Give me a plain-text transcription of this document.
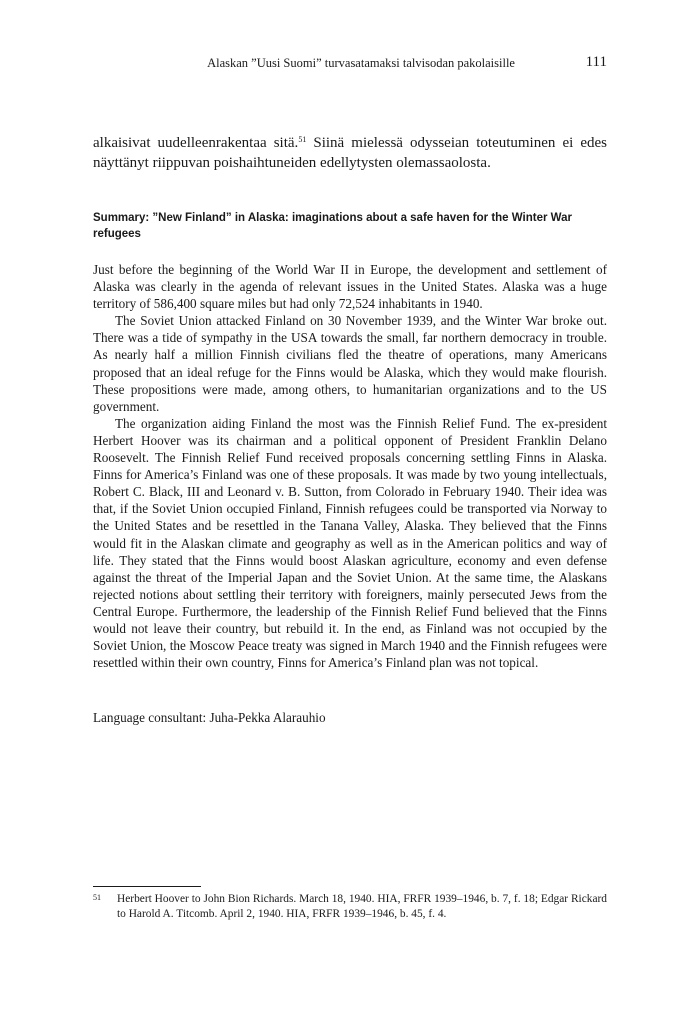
Alaskan ”Uusi Suomi” turvasatamaksi talvisodan pakolaisille	111

alkaisivat uudelleenrakentaa sitä.$^{51}$ Siinä mielessä odysseian toteutuminen ei edes näyttänyt riippuvan poishaihtuneiden edellytysten olemassaolosta.

Summary: ”New Finland” in Alaska: imaginations about a safe haven for the Winter War refugees

Just before the beginning of the World War II in Europe, the development and settlement of Alaska was clearly in the agenda of relevant issues in the United States. Alaska was a huge territory of 586,400 square miles but had only 72,524 inhabitants in 1940.

The Soviet Union attacked Finland on 30 November 1939, and the Winter War broke out. There was a tide of sympathy in the USA towards the small, far northern democracy in trouble. As nearly half a million Finnish civilians fled the theatre of operations, many Americans proposed that an ideal refuge for the Finns would be Alaska, which they would make flourish. These propositions were made, among others, to humanitarian organizations and to the US government.

The organization aiding Finland the most was the Finnish Relief Fund. The ex-president Herbert Hoover was its chairman and a political opponent of President Franklin Delano Roosevelt. The Finnish Relief Fund received proposals concerning settling Finns in Alaska. Finns for America’s Finland was one of these proposals. It was made by two young intellectuals, Robert C. Black, III and Leonard v. B. Sutton, from Colorado in February 1940. Their idea was that, if the Soviet Union occupied Finland, Finnish refugees could be transported via Norway to the United States and be resettled in the Tanana Valley, Alaska. They believed that the Finns would fit in the Alaskan climate and geography as well as in the American politics and way of life. They stated that the Finns would boost Alaskan agriculture, economy and even defense against the threat of the Imperial Japan and the Soviet Union. At the same time, the Alaskans rejected notions about settling their territory with foreigners, mainly persecuted Jews from the Central Europe. Furthermore, the leadership of the Finnish Relief Fund believed that the Finns would not leave their country, but rebuild it. In the end, as Finland was not occupied by the Soviet Union, the Moscow Peace treaty was signed in March 1940 and the Finnish refugees were resettled within their own country, Finns for America’s Finland plan was not topical.

Language consultant: Juha-Pekka Alarauhio

51 Herbert Hoover to John Bion Richards. March 18, 1940. HIA, FRFR 1939–1946, b. 7, f. 18; Edgar Rickard to Harold A. Titcomb. April 2, 1940. HIA, FRFR 1939–1946, b. 45, f. 4.
